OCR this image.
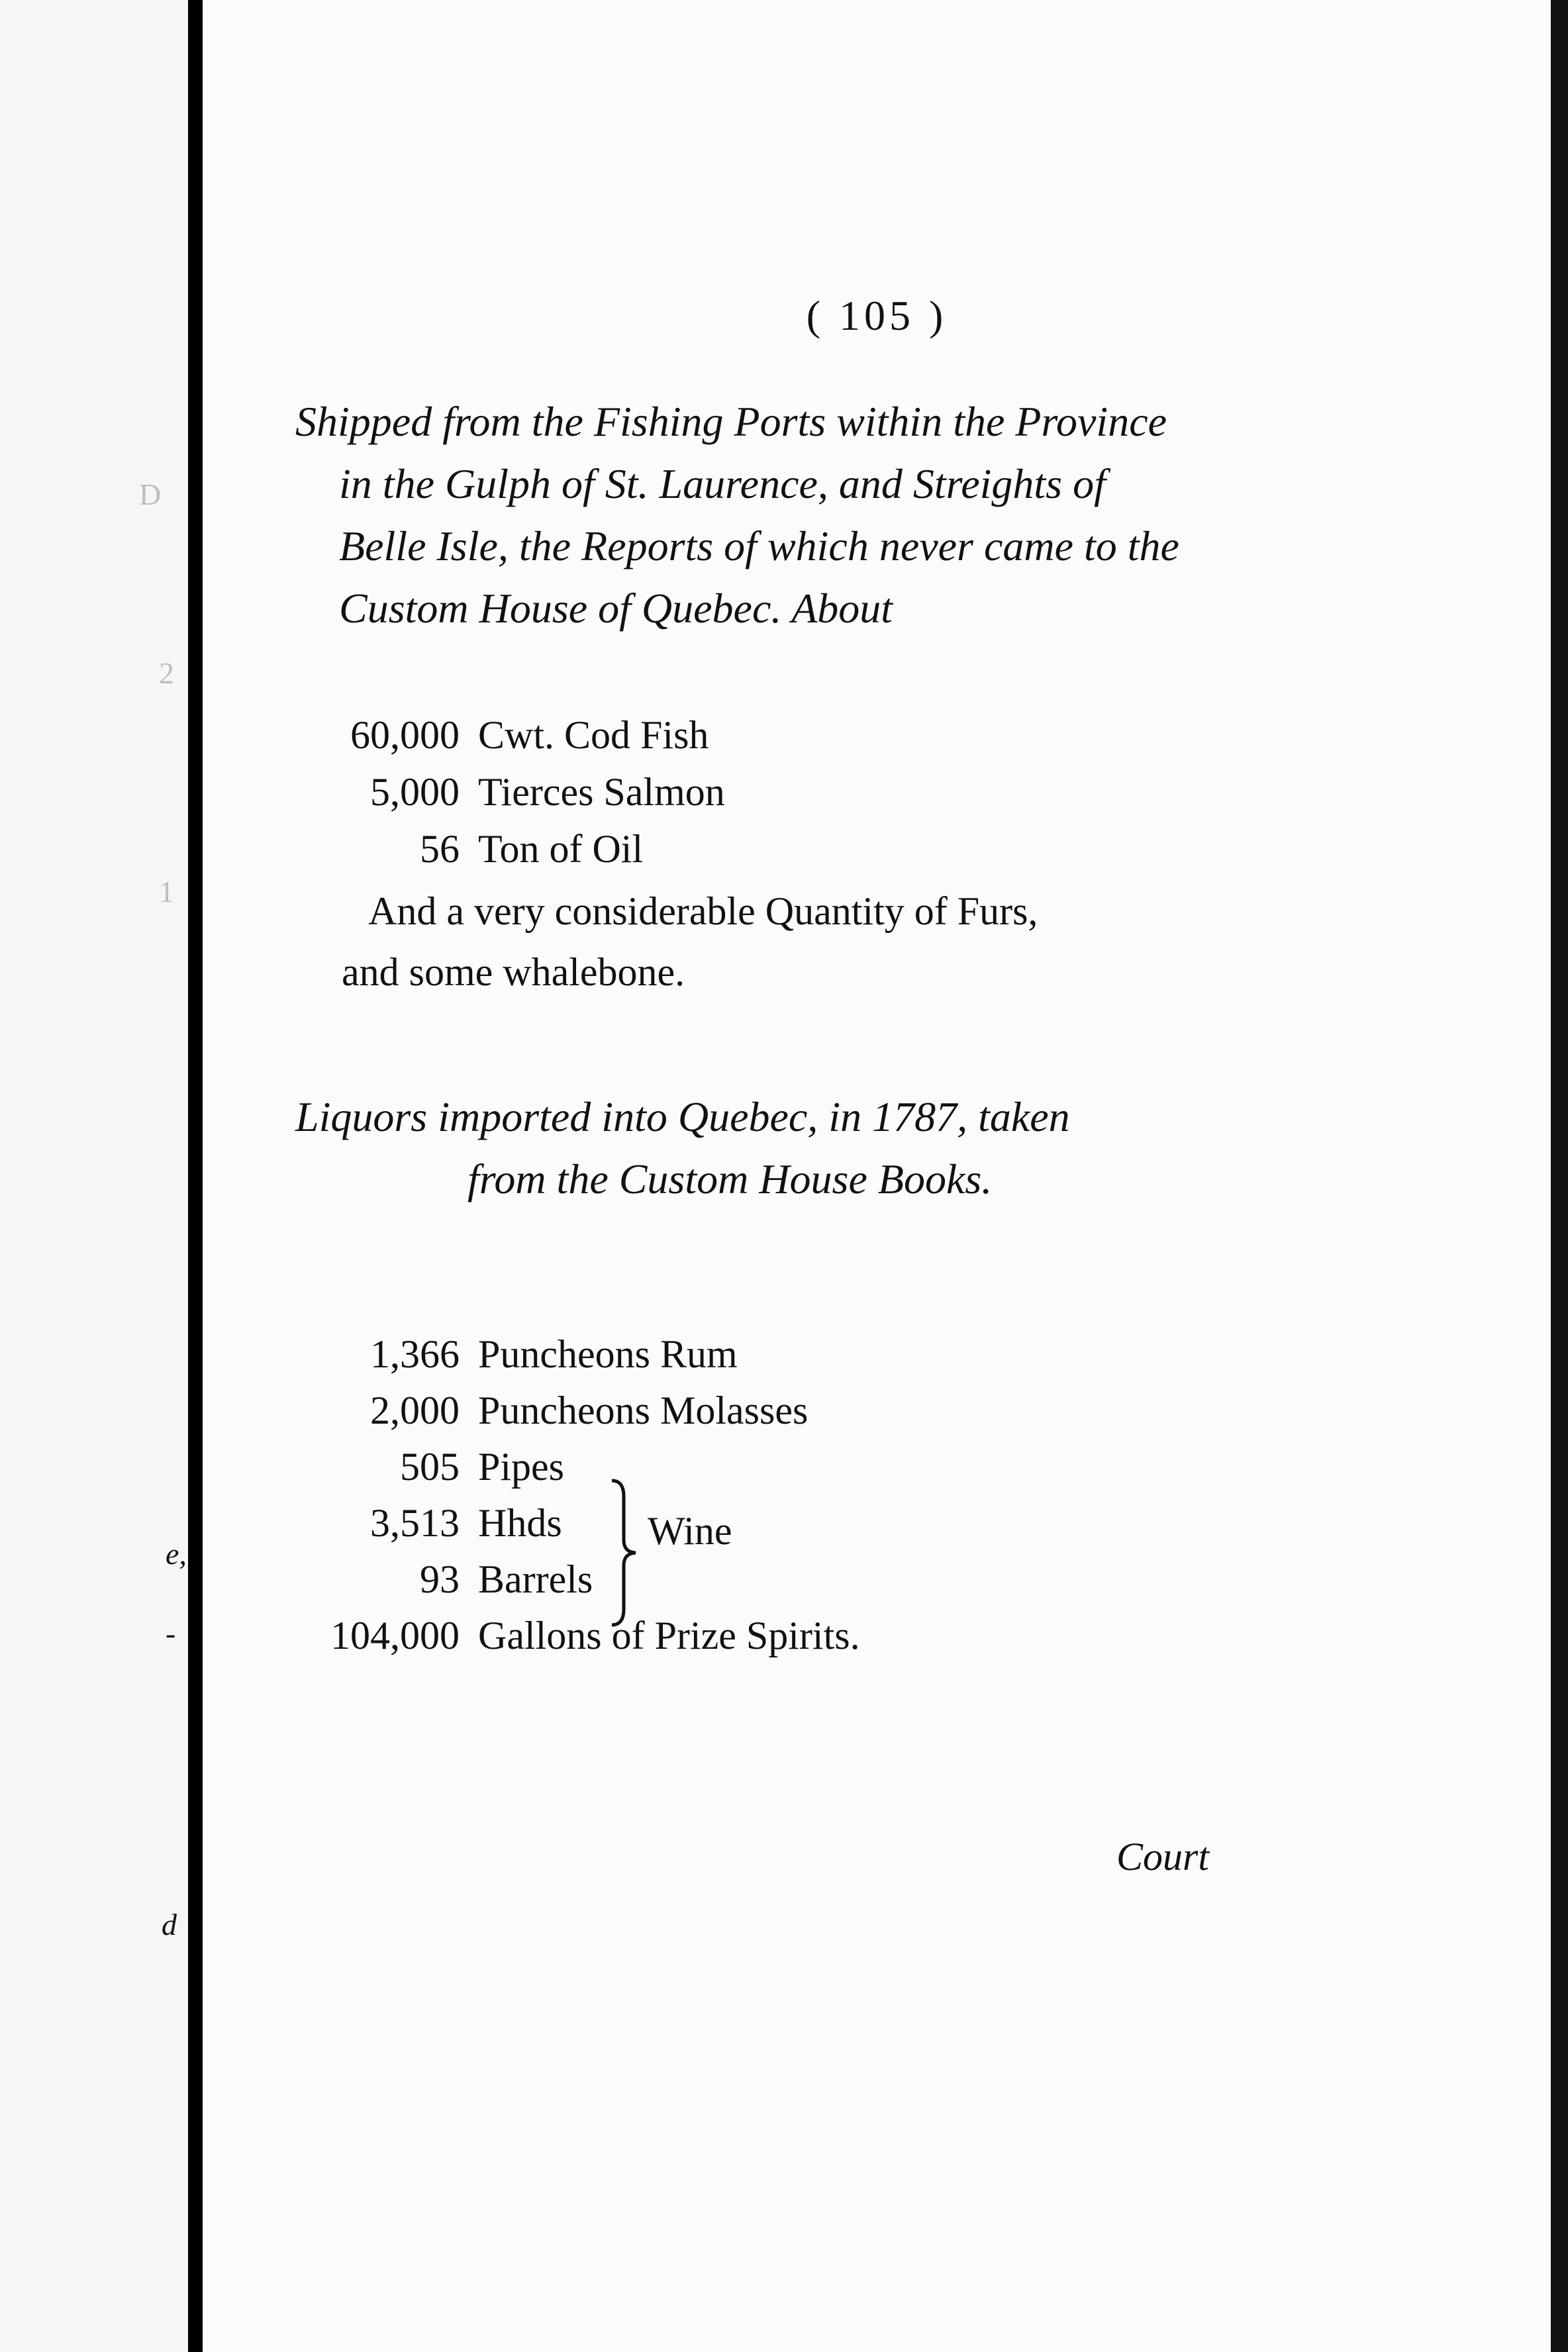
D
2
1
e,
-
d
( 105 )
Shipped from the Fishing Ports within the Province
in the Gulph of St. Laurence, and Streights of
Belle Isle, the Reports of which never came to the
Custom House of Quebec. About
60,000 Cwt. Cod Fish
5,000 Tierces Salmon
56 Ton of Oil
And a very considerable Quantity of Furs,
and some whalebone.
Liquors imported into Quebec, in 1787, taken
from the Custom House Books.
1,366 Puncheons Rum
2,000 Puncheons Molasses
505 Pipes
3,513 Hhds
93 Barrels
104,000 Gallons of Prize Spirits.
Wine
Court
